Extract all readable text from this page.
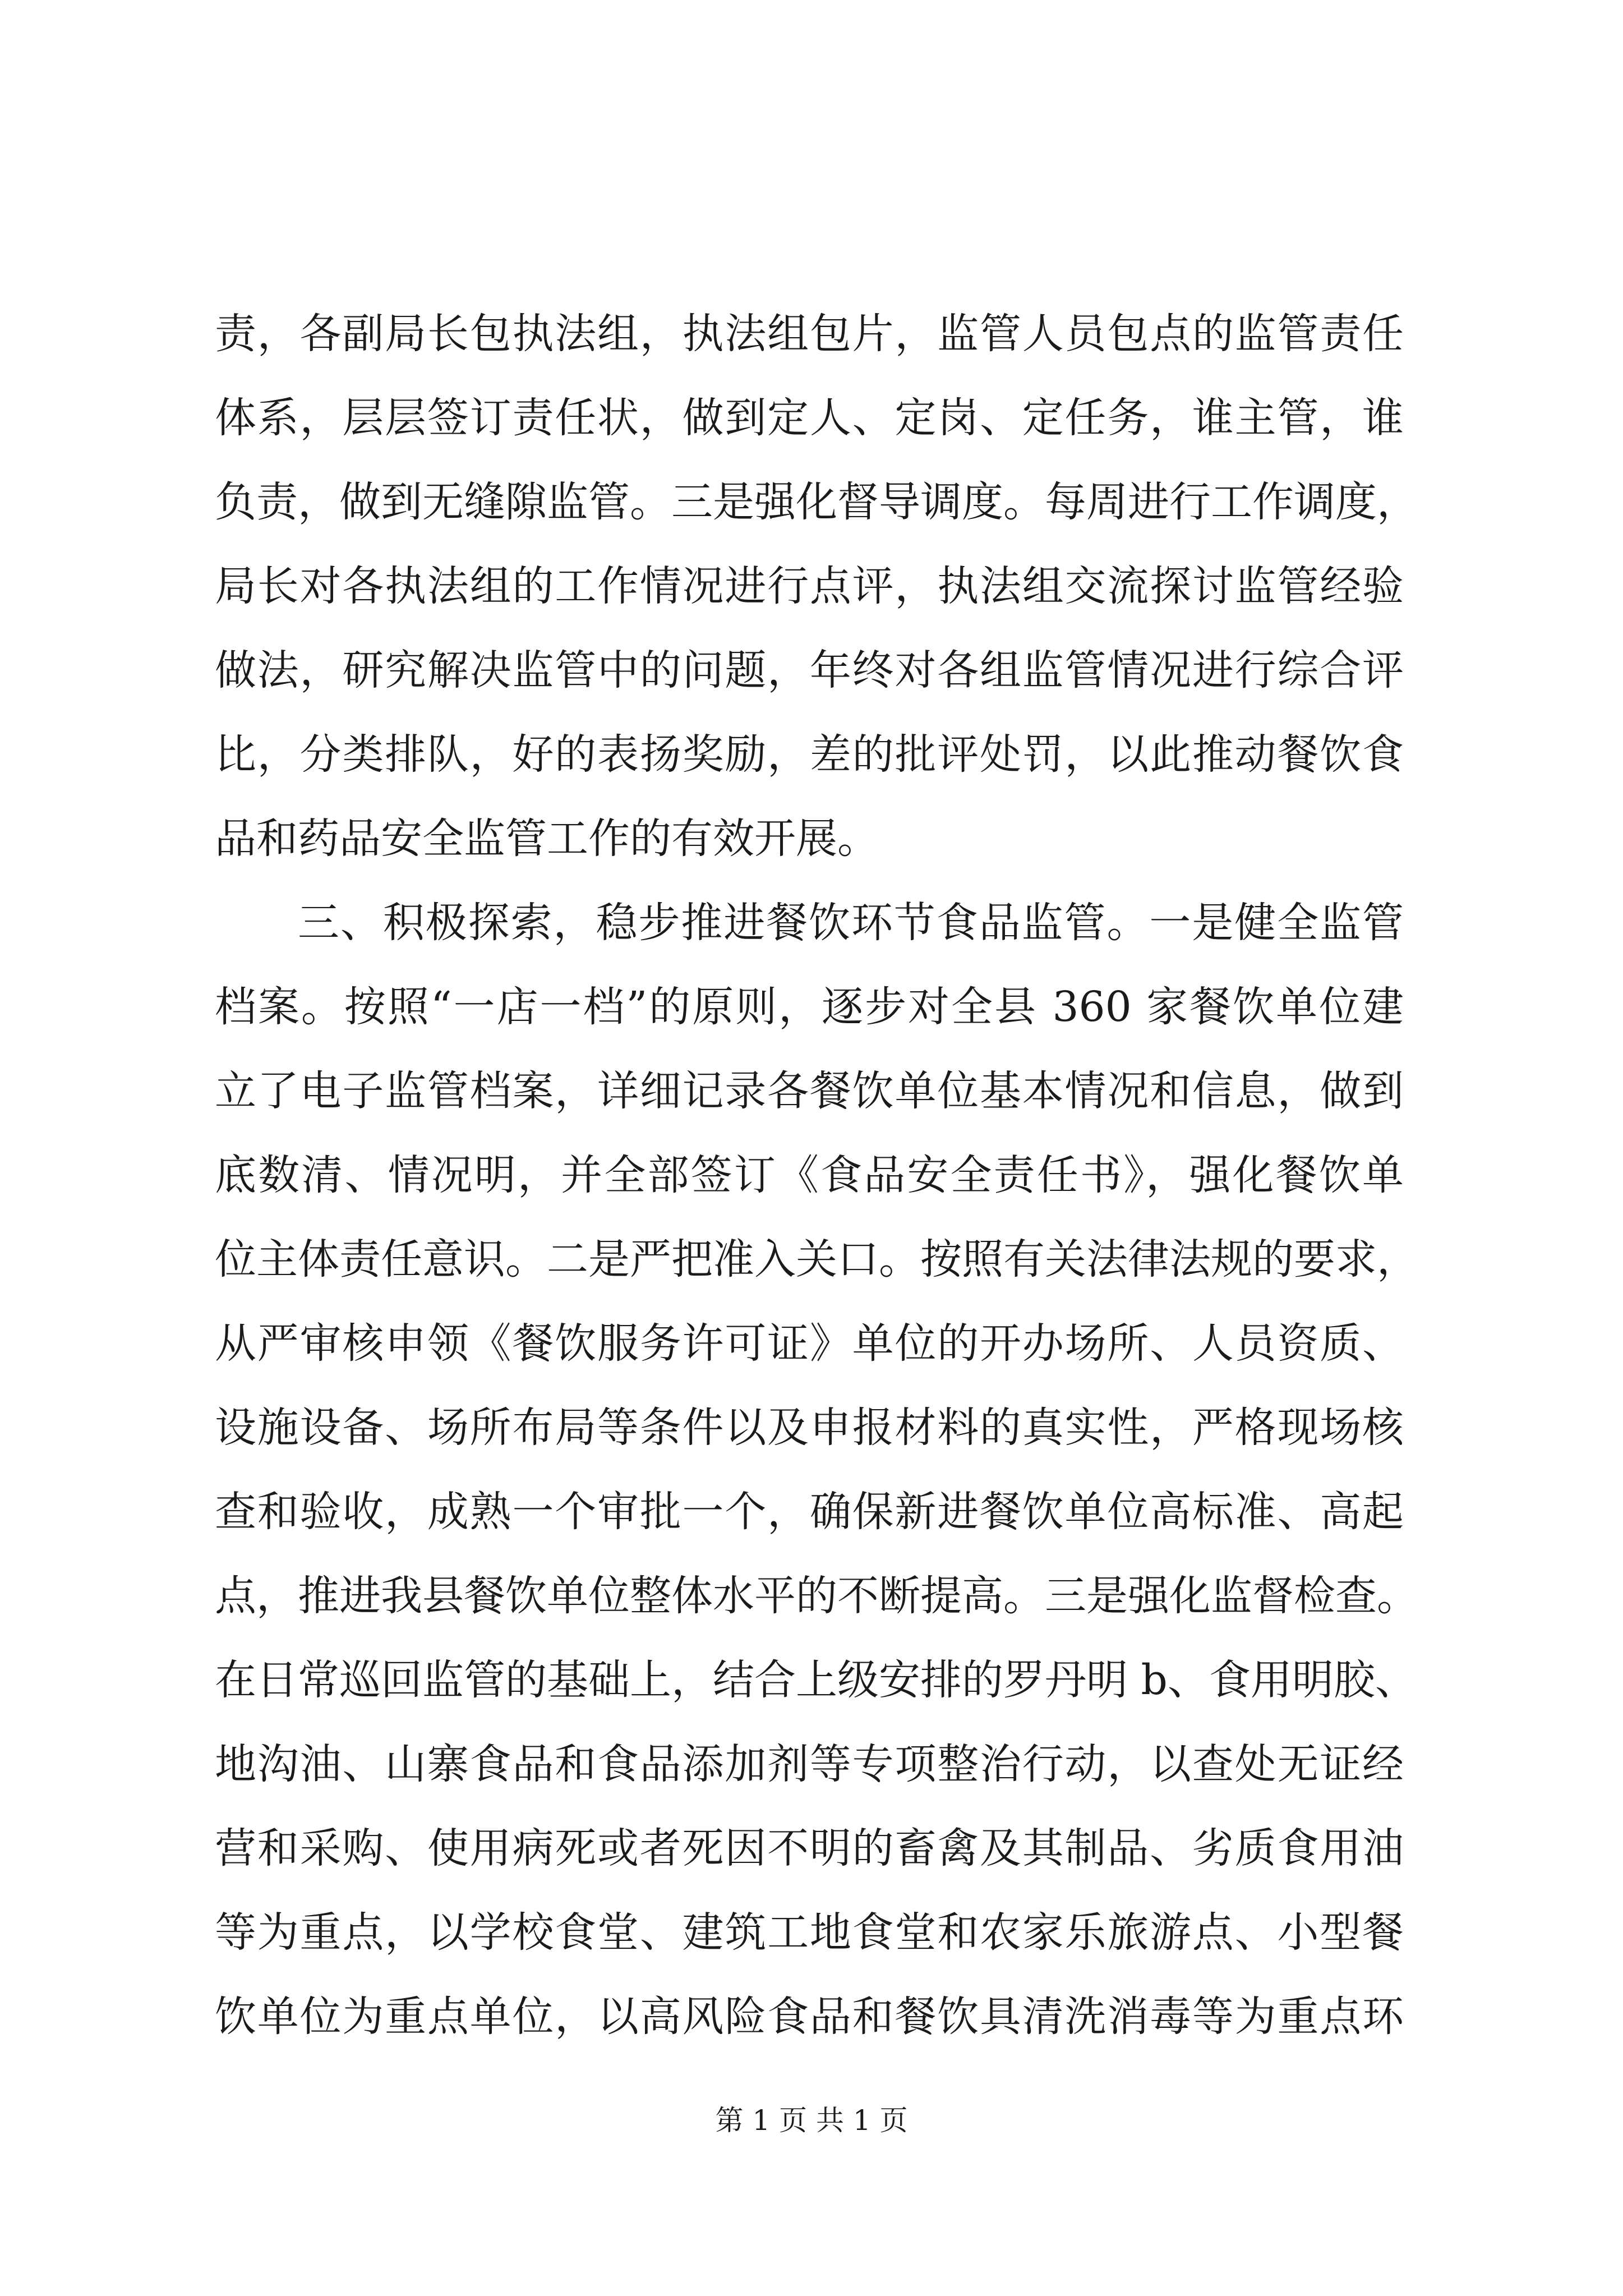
责，各副局长包执法组，执法组包片，监管人员包点的监管责任
体系，层层签订责任状，做到定人、定岗、定任务，谁主管，谁
负责，做到无缝隙监管。三是强化督导调度。每周进行工作调度，
局长对各执法组的工作情况进行点评，执法组交流探讨监管经验
做法，研究解决监管中的问题，年终对各组监管情况进行综合评
比，分类排队，好的表扬奖励，差的批评处罚，以此推动餐饮食
品和药品安全监管工作的有效开展。
三、积极探索，稳步推进餐饮环节食品监管。一是健全监管
档案。按照“一店一档”的原则，逐步对全县 360 家餐饮单位建
立了电子监管档案，详细记录各餐饮单位基本情况和信息，做到
底数清、情况明，并全部签订《食品安全责任书》，强化餐饮单
位主体责任意识。二是严把准入关口。按照有关法律法规的要求，
从严审核申领《餐饮服务许可证》单位的开办场所、人员资质、
设施设备、场所布局等条件以及申报材料的真实性，严格现场核
查和验收，成熟一个审批一个，确保新进餐饮单位高标准、高起
点，推进我县餐饮单位整体水平的不断提高。三是强化监督检查。
在日常巡回监管的基础上，结合上级安排的罗丹明 b、食用明胶、
地沟油、山寨食品和食品添加剂等专项整治行动，以查处无证经
营和采购、使用病死或者死因不明的畜禽及其制品、劣质食用油
等为重点，以学校食堂、建筑工地食堂和农家乐旅游点、小型餐
饮单位为重点单位，以高风险食品和餐饮具清洗消毒等为重点环
第 1 页 共 1 页
